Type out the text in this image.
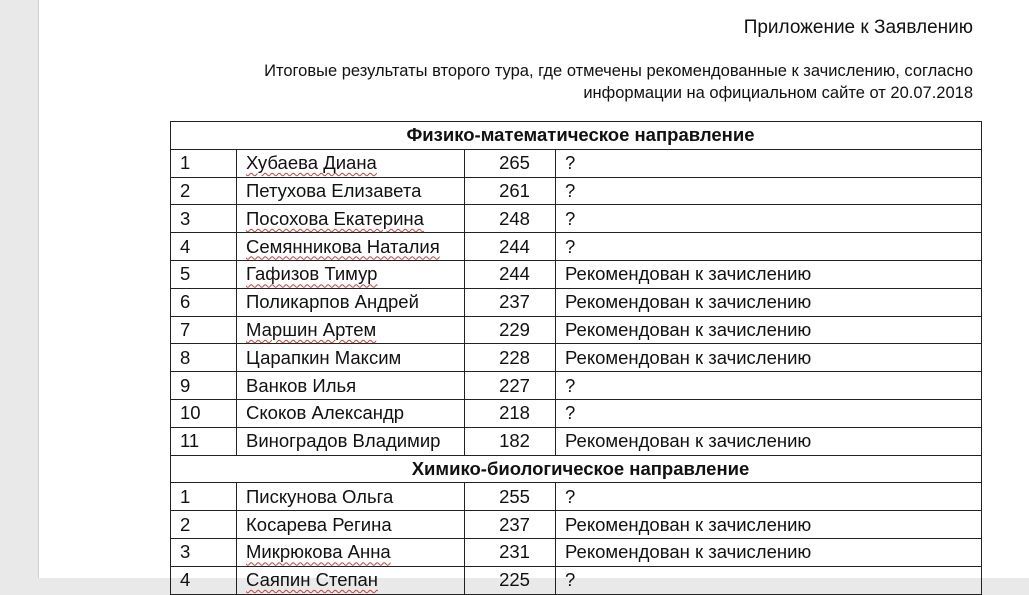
Приложение к Заявлению
Итоговые результаты второго тура, где отмечены рекомендованные к зачислению, согласно
информации на официальном сайте от 20.07.2018
Физико-математическое направление			
1	Хубаева Диана	265	?
2	Петухова Елизавета	261	?
3	Посохова Екатерина	248	?
4	Семянникова Наталия	244	?
5	Гафизов Тимур	244	Рекомендован к зачислению
6	Поликарпов Андрей	237	Рекомендован к зачислению
7	Маршин Артем	229	Рекомендован к зачислению
8	Царапкин Максим	228	Рекомендован к зачислению
9	Ванков Илья	227	?
10	Скоков Александр	218	?
11	Виноградов Владимир	182	Рекомендован к зачислению
Химико-биологическое направление			
1	Пискунова Ольга	255	?
2	Косарева Регина	237	Рекомендован к зачислению
3	Микрюкова Анна	231	Рекомендован к зачислению
4	Саяпин Степан	225	?
